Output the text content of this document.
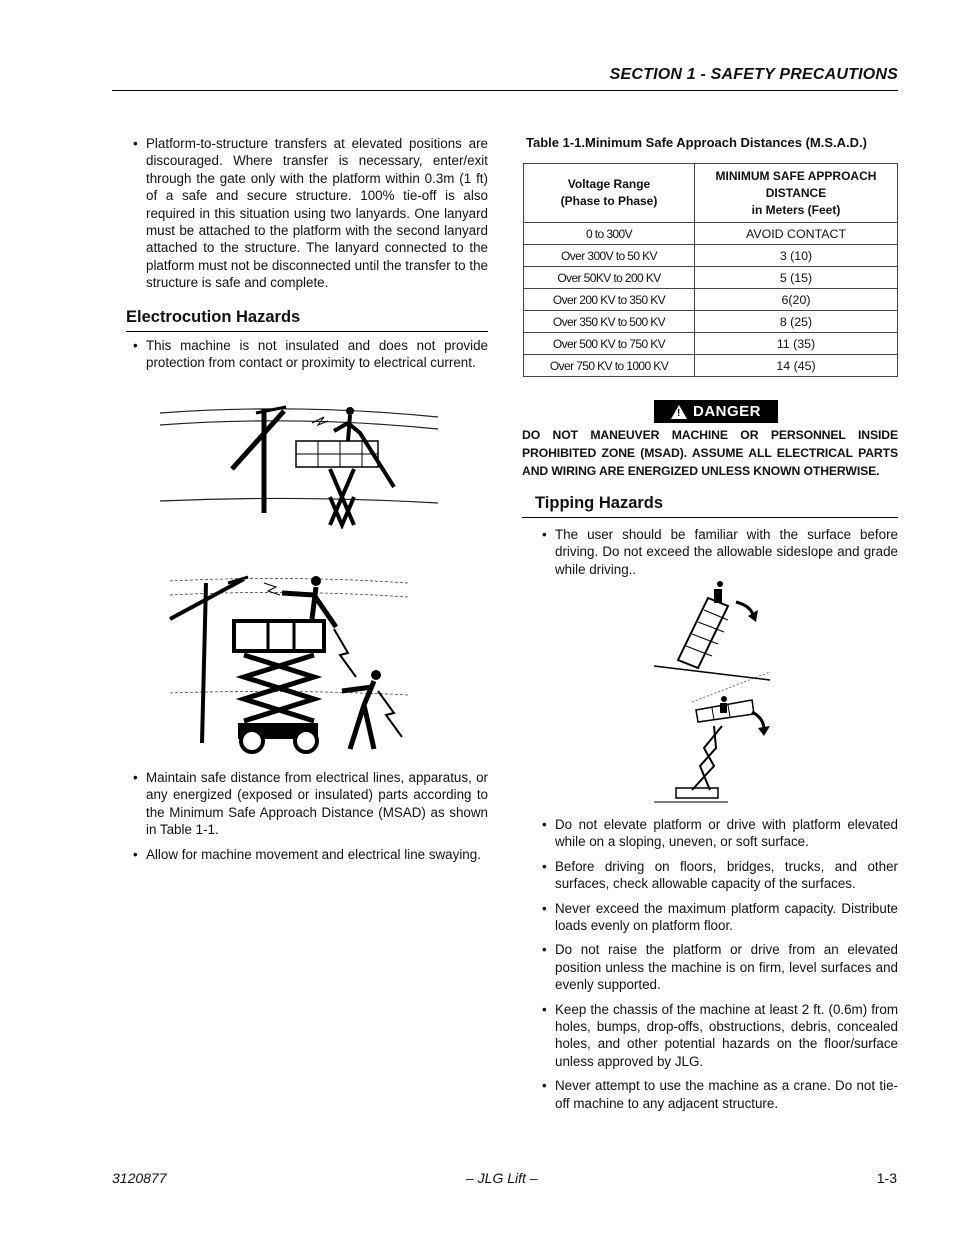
SECTION 1 - SAFETY PRECAUTIONS
• Platform-to-structure transfers at elevated positions are discouraged. Where transfer is necessary, enter/exit through the gate only with the platform within 0.3m (1 ft) of a safe and secure structure. 100% tie-off is also required in this situation using two lanyards. One lanyard must be attached to the platform with the second lanyard attached to the structure. The lanyard connected to the platform must not be disconnected until the transfer to the structure is safe and complete.
Electrocution Hazards
• This machine is not insulated and does not provide protection from contact or proximity to electrical current.
• Maintain safe distance from electrical lines, apparatus, or any energized (exposed or insulated) parts according to the Minimum Safe Approach Distance (MSAD) as shown in Table 1-1.
• Allow for machine movement and electrical line swaying.

Table 1-1.Minimum Safe Approach Distances (M.S.A.D.)

Voltage Range
(Phase to Phase)	MINIMUM SAFE APPROACH
DISTANCE
in Meters (Feet)
0 to 300V	AVOID CONTACT
Over 300V to 50 KV	3 (10)
Over 50KV to 200 KV	5 (15)
Over 200 KV to 350 KV	6(20)
Over 350 KV to 500 KV	8 (25)
Over 500 KV to 750 KV	11 (35)
Over 750 KV to 1000 KV	14 (45)
! DANGER
DO NOT MANEUVER MACHINE OR PERSONNEL INSIDE PROHIBITED ZONE (MSAD). ASSUME ALL ELECTRICAL PARTS AND WIRING ARE ENERGIZED UNLESS KNOWN OTHERWISE.
Tipping Hazards
• The user should be familiar with the surface before driving. Do not exceed the allowable sideslope and grade while driving..
• Do not elevate platform or drive with platform elevated while on a sloping, uneven, or soft surface.
• Before driving on floors, bridges, trucks, and other surfaces, check allowable capacity of the surfaces.
• Never exceed the maximum platform capacity. Distribute loads evenly on platform floor.
• Do not raise the platform or drive from an elevated position unless the machine is on firm, level surfaces and evenly supported.
• Keep the chassis of the machine at least 2 ft. (0.6m) from holes, bumps, drop-offs, obstructions, debris, concealed holes, and other potential hazards on the floor/surface unless approved by JLG.
• Never attempt to use the machine as a crane. Do not tie-off machine to any adjacent structure.
3120877	– JLG Lift –	1-3
